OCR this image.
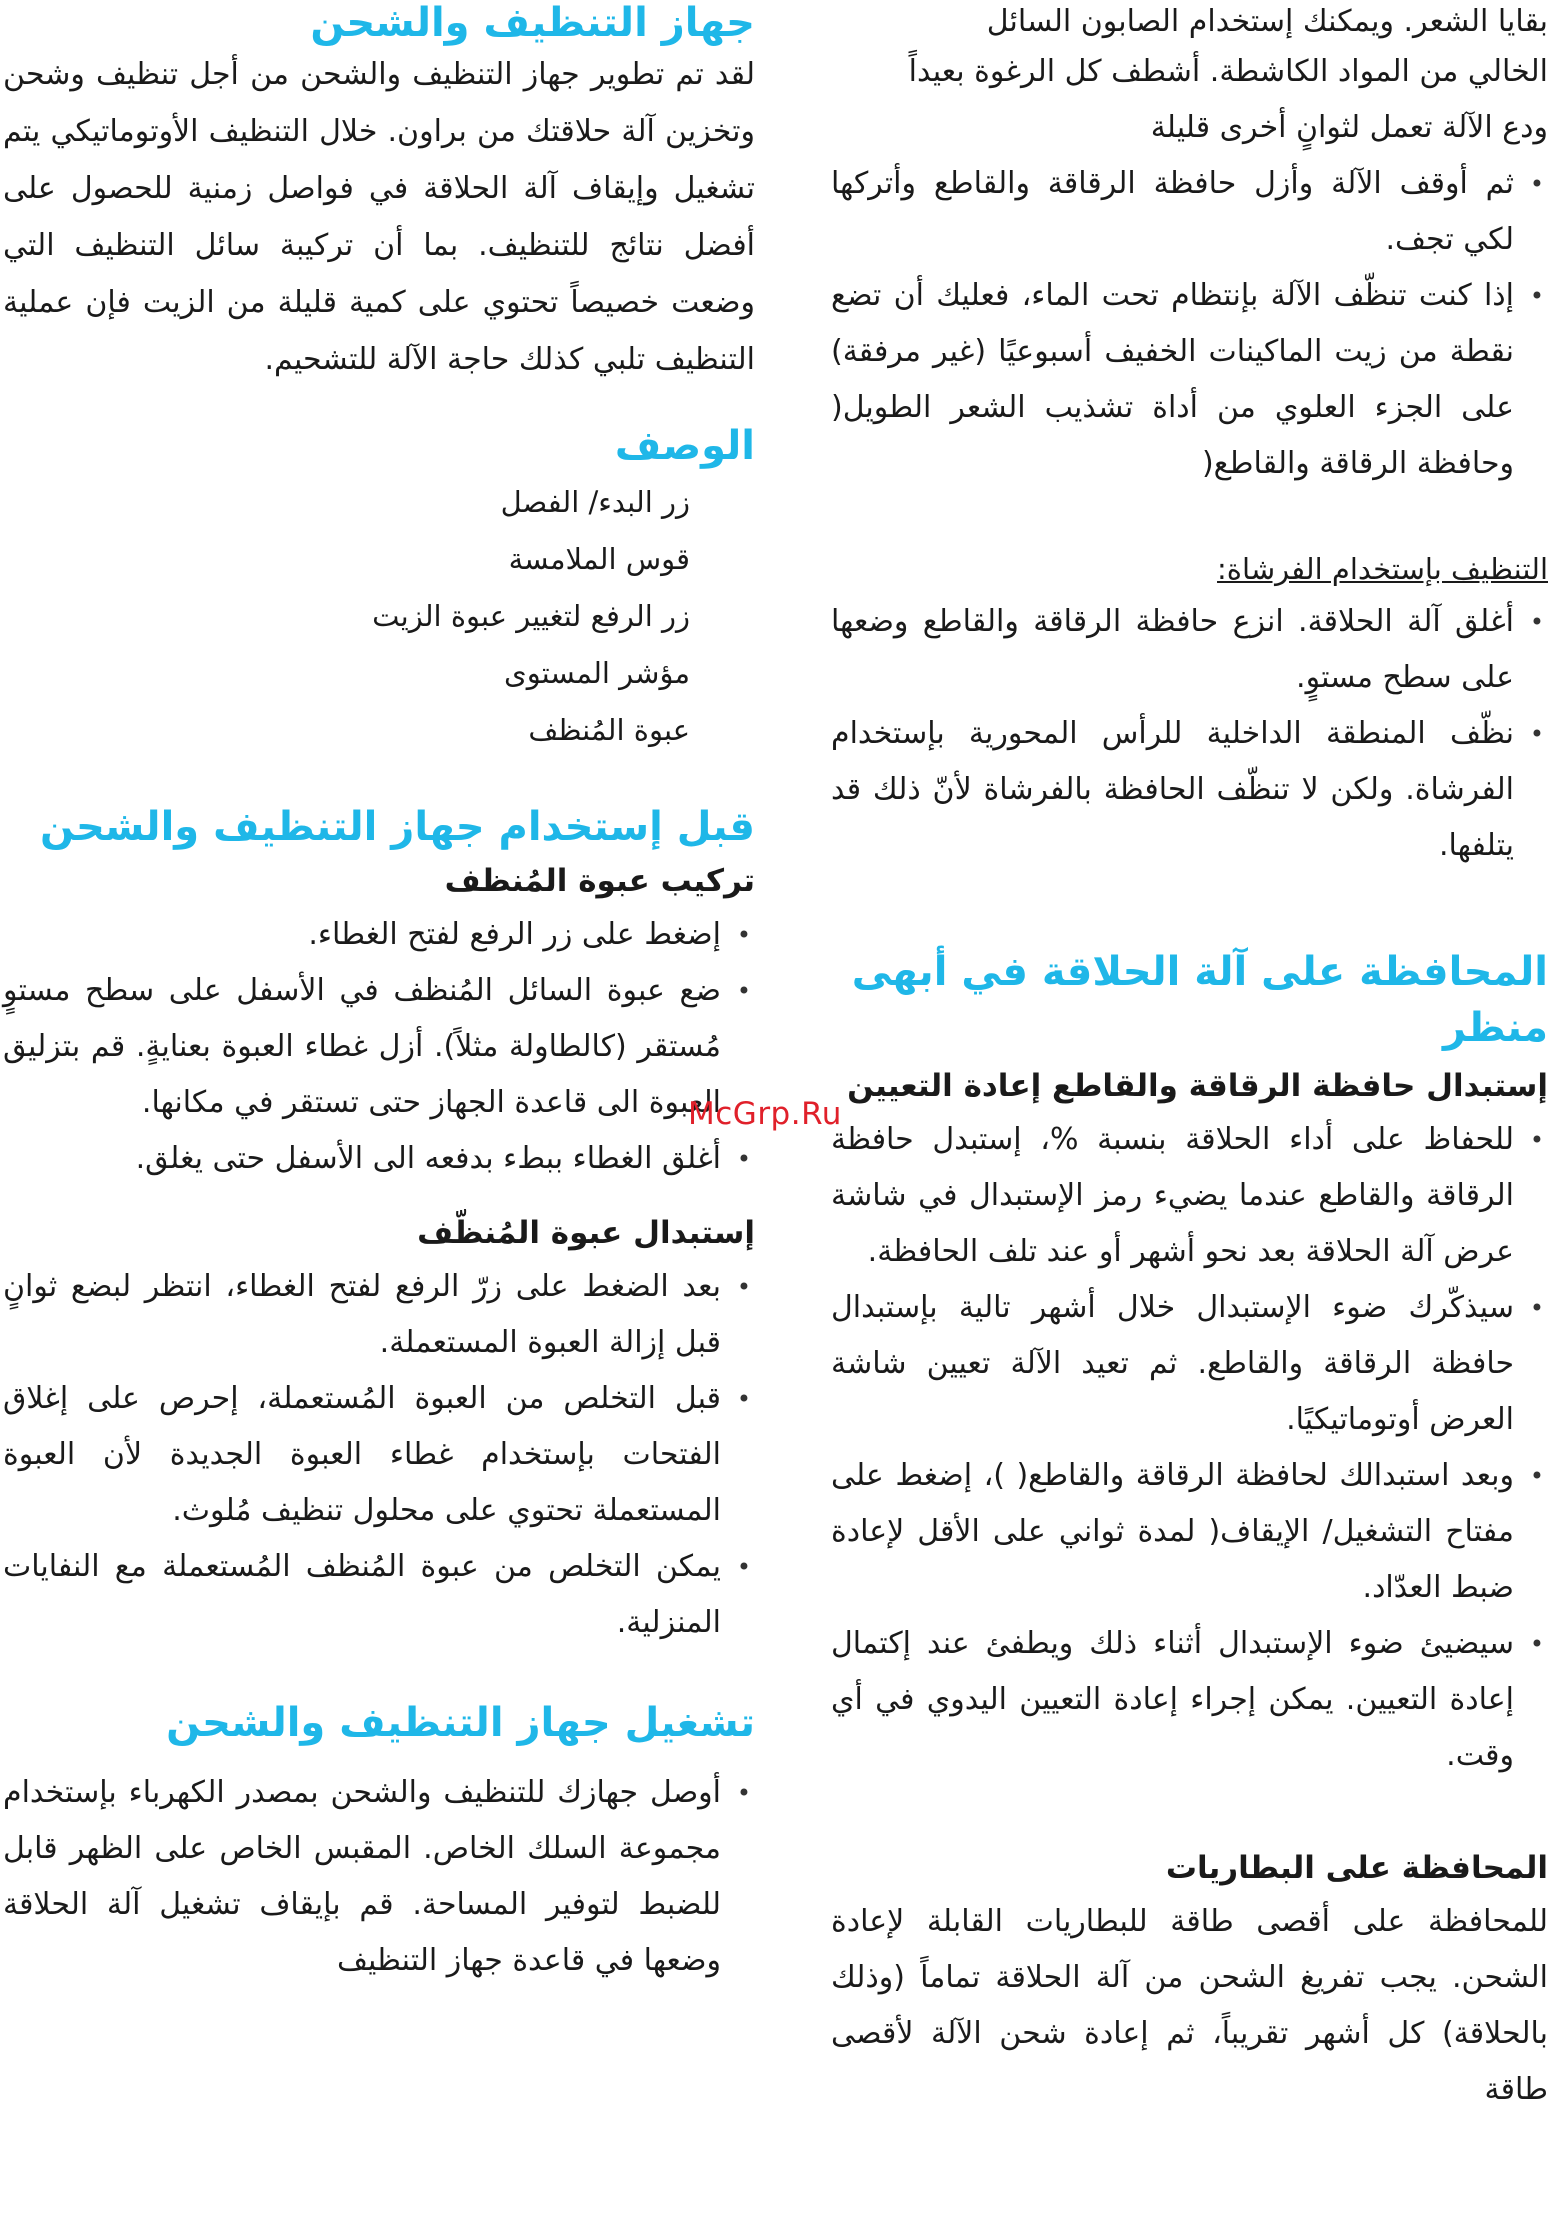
بقايا الشعر. ويمكنك إستخدام الصابون السائل

الخالي من المواد الكاشطة. أشطف كل الرغوة بعيداً

ودع الآلة تعمل لثوانٍ أخرى قليلة

•
ثم أوقف الآلة وأزل حافظة الرقاقة والقاطع وأتركها لكي تجف.
•
إذا كنت تنظّف الآلة بإنتظام تحت الماء، فعليك أن تضع نقطة من زيت الماكينات الخفيف أسبوعيًا (غير مرفقة) على الجزء العلوي من أداة تشذيب الشعر الطويل( وحافظة الرقاقة والقاطع(
التنظيف بإستخدام الفرشاة:
•
أغلق آلة الحلاقة. انزع حافظة الرقاقة والقاطع وضعها على سطح مستوٍ.
•
نظّف المنطقة الداخلية للرأس المحورية بإستخدام الفرشاة. ولكن لا تنظّف الحافظة بالفرشاة لأنّ ذلك قد يتلفها.
المحافظة على آلة الحلاقة في أبهى منظر
إستبدال حافظة الرقاقة والقاطع إعادة التعيين
•
للحفاظ على أداء الحلاقة بنسبة %، إستبدل حافظة الرقاقة والقاطع عندما يضيء رمز الإستبدال في شاشة عرض آلة الحلاقة بعد نحو أشهر أو عند تلف الحافظة.
•
سيذكّرك ضوء الإستبدال خلال أشهر تالية بإستبدال حافظة الرقاقة والقاطع. ثم تعيد الآلة تعيين شاشة العرض أوتوماتيكيًا.
•
وبعد استبدالك لحافظة الرقاقة والقاطع( )، إضغط على مفتاح التشغيل/ الإيقاف( لمدة ثواني على الأقل لإعادة ضبط العدّاد.
•
سيضيئ ضوء الإستبدال أثناء ذلك ويطفئ عند إكتمال إعادة التعيين. يمكن إجراء إعادة التعيين اليدوي في أي وقت.
المحافظة على البطاريات

للمحافظة على أقصى طاقة للبطاريات القابلة لإعادة الشحن. يجب تفريغ الشحن من آلة الحلاقة تماماً (وذلك بالحلاقة) كل أشهر تقريباً، ثم إعادة شحن الآلة لأقصى طاقة

جهاز التنظيف والشحن

لقد تم تطوير جهاز التنظيف والشحن من أجل تنظيف وشحن وتخزين آلة حلاقتك من براون. خلال التنظيف الأوتوماتيكي يتم تشغيل وإيقاف آلة الحلاقة في فواصل زمنية للحصول على أفضل نتائج للتنظيف. بما أن تركيبة سائل التنظيف التي وضعت خصيصاً تحتوي على كمية قليلة من الزيت فإن عملية التنظيف تلبي كذلك حاجة الآلة للتشحيم.

الوصف
زر البدء/ الفصل
قوس الملامسة
زر الرفع لتغيير عبوة الزيت
مؤشر المستوى
عبوة المُنظف
قبل إستخدام جهاز التنظيف والشحن
تركيب عبوة المُنظف
•
إضغط على زر الرفع لفتح الغطاء.
•
ضع عبوة السائل المُنظف في الأسفل على سطح مستوٍ مُستقر (كالطاولة مثلاً). أزل غطاء العبوة بعنايةٍ. قم بتزليق العبوة الى قاعدة الجهاز حتى تستقر في مكانها.
•
أغلق الغطاء ببطء بدفعه الى الأسفل حتى يغلق.
إستبدال عبوة المُنظّف
•
بعد الضغط على زرّ الرفع لفتح الغطاء، انتظر لبضع ثوانٍ قبل إزالة العبوة المستعملة.
•
قبل التخلص من العبوة المُستعملة، إحرص على إغلاق الفتحات بإستخدام غطاء العبوة الجديدة لأن العبوة المستعملة تحتوي على محلول تنظيف مُلوث.
•
يمكن التخلص من عبوة المُنظف المُستعملة مع النفايات المنزلية.
تشغيل جهاز التنظيف والشحن
•
أوصل جهازك للتنظيف والشحن بمصدر الكهرباء بإستخدام مجموعة السلك الخاص. المقبس الخاص على الظهر قابل للضبط لتوفير المساحة. قم بإيقاف تشغيل آلة الحلاقة وضعها في قاعدة جهاز التنظيف
McGrp.Ru
